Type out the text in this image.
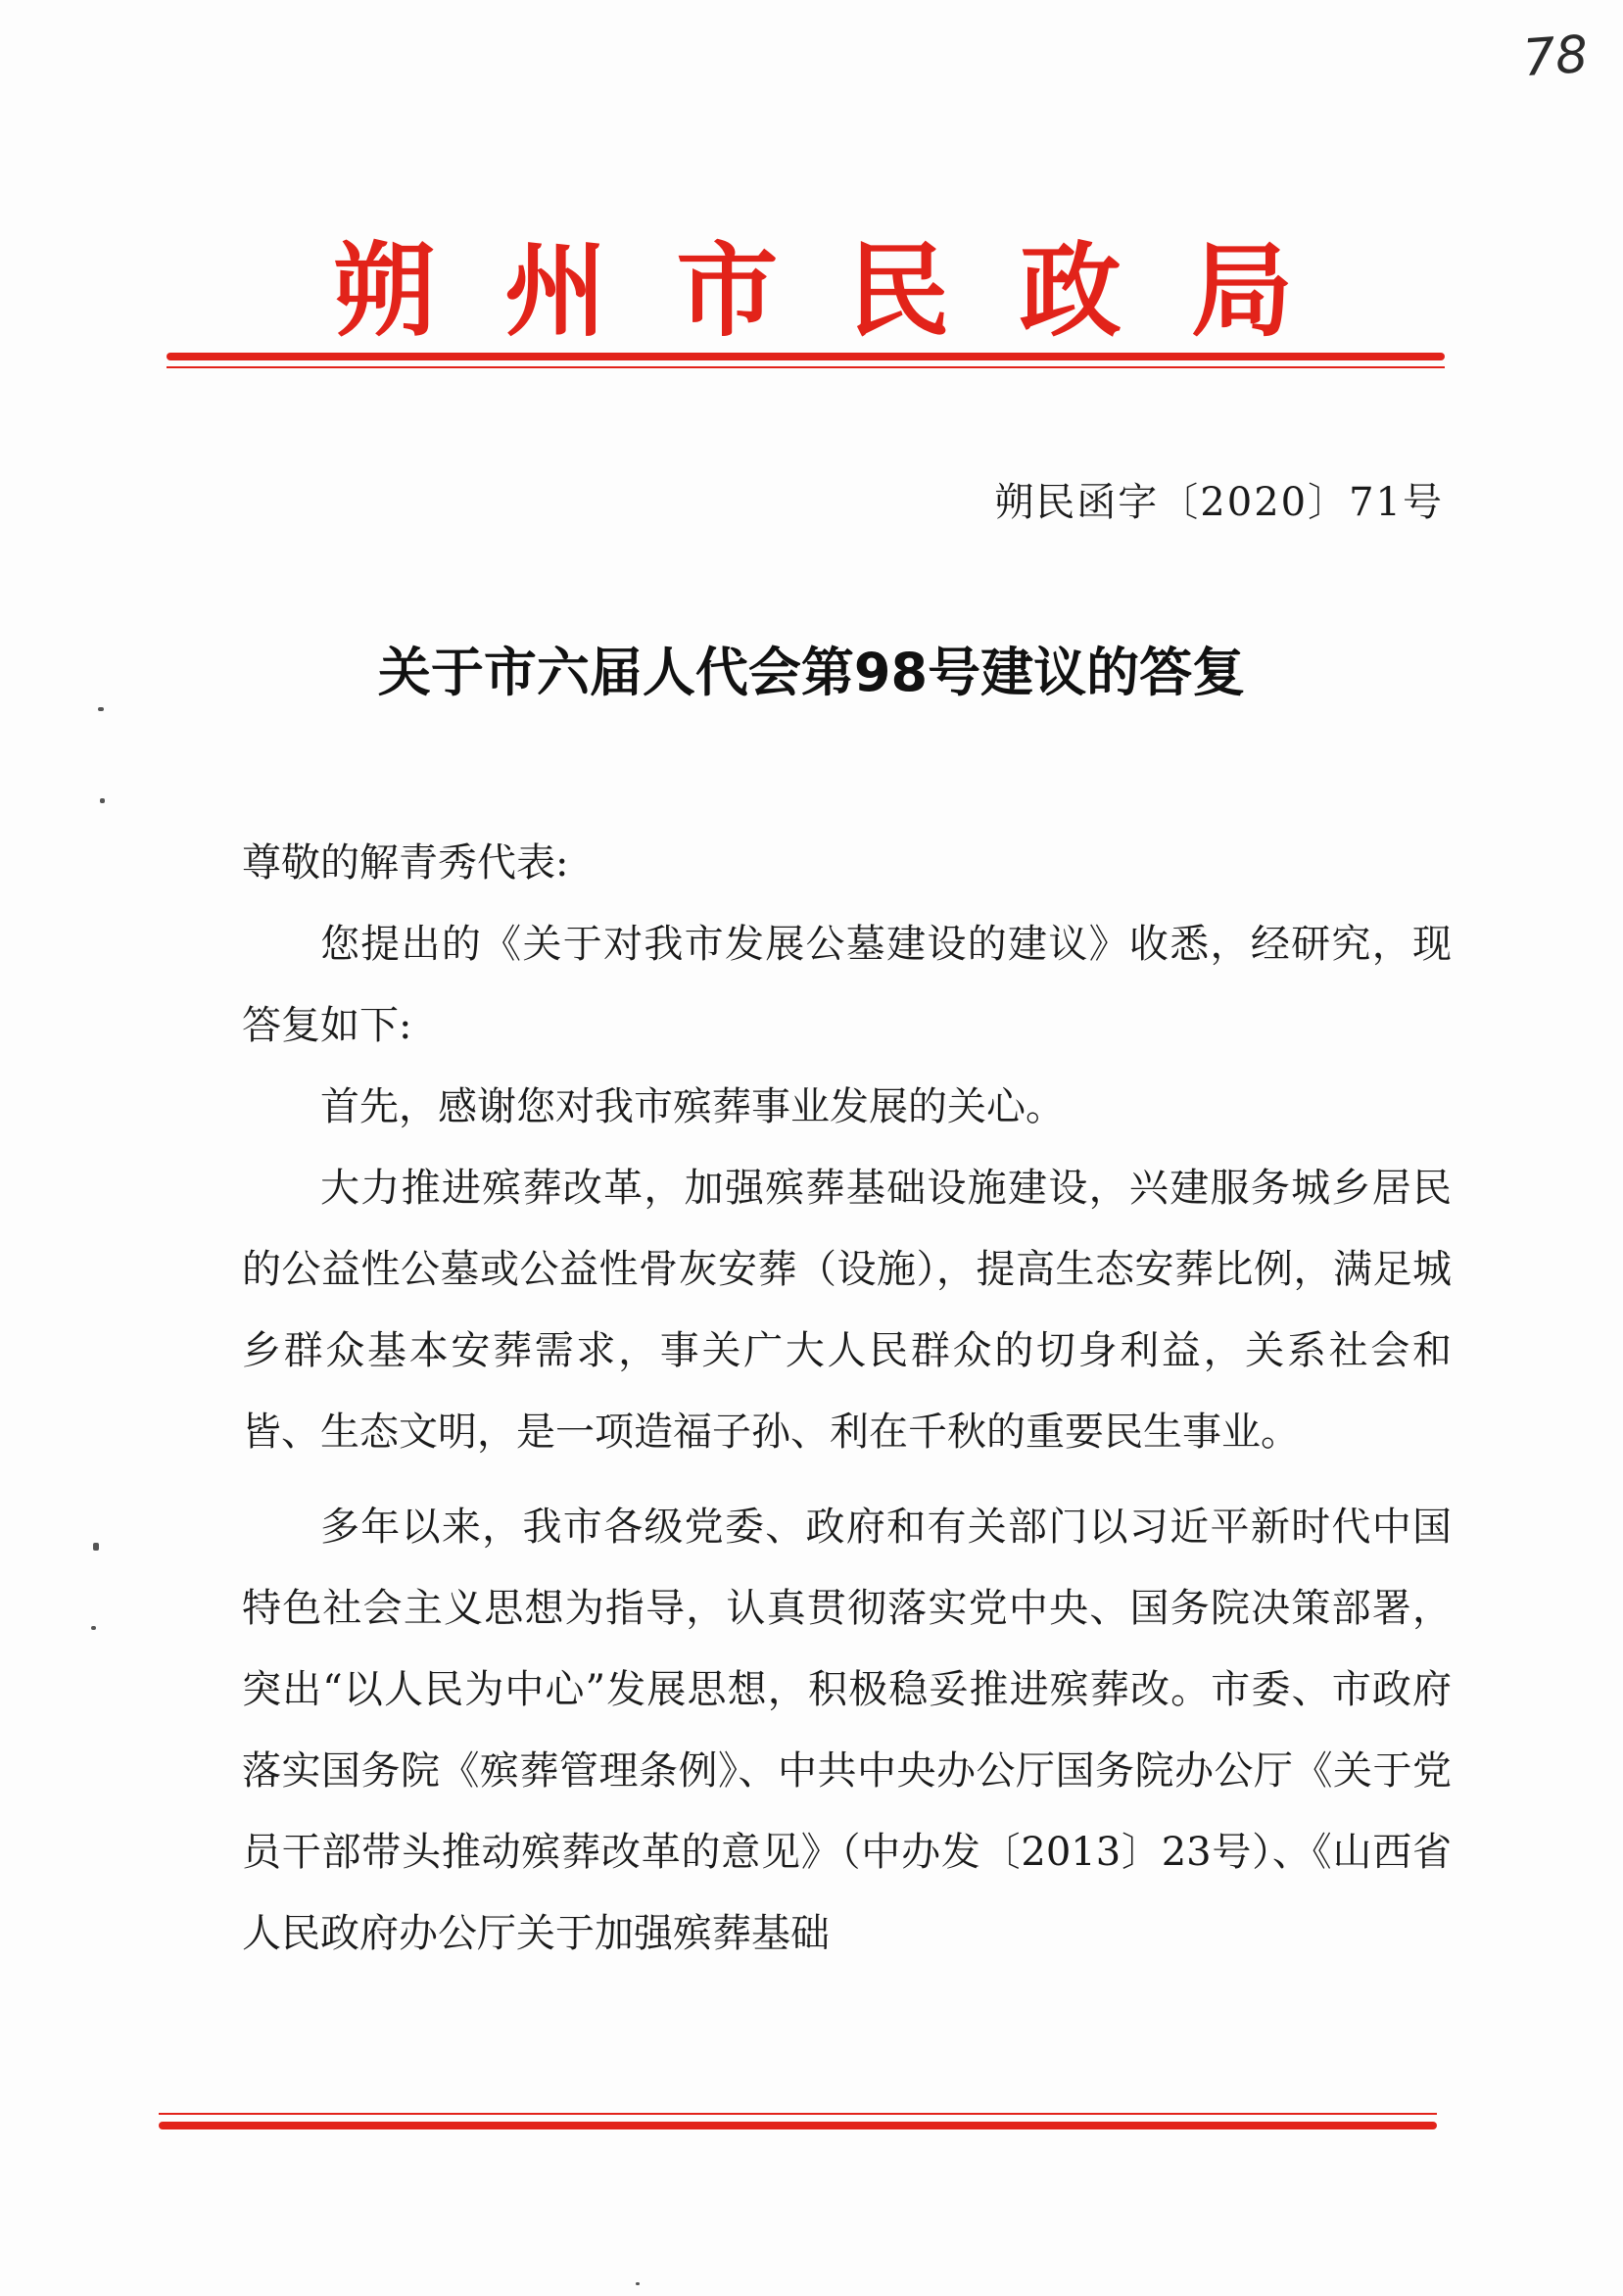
78
朔 州 市 民 政 局
朔民函字〔2020〕71号
关于市六届人代会第98号建议的答复

尊敬的解青秀代表:

您提出的《关于对我市发展公墓建设的建议》收悉，经研究，现答复如下:

首先，感谢您对我市殡葬事业发展的关心。

大力推进殡葬改革，加强殡葬基础设施建设，兴建服务城乡居民的公益性公墓或公益性骨灰安葬（设施），提高生态安葬比例，满足城乡群众基本安葬需求，事关广大人民群众的切身利益，关系社会和皆、生态文明，是一项造福子孙、利在千秋的重要民生事业。

多年以来，我市各级党委、政府和有关部门以习近平新时代中国特色社会主义思想为指导，认真贯彻落实党中央、国务院决策部署，突出“以人民为中心”发展思想，积极稳妥推进殡葬改。市委、市政府落实国务院《殡葬管理条例》、中共中央办公厅国务院办公厅《关于党员干部带头推动殡葬改革的意见》（中办发〔2013〕23号）、《山西省人民政府办公厅关于加强殡葬基础
